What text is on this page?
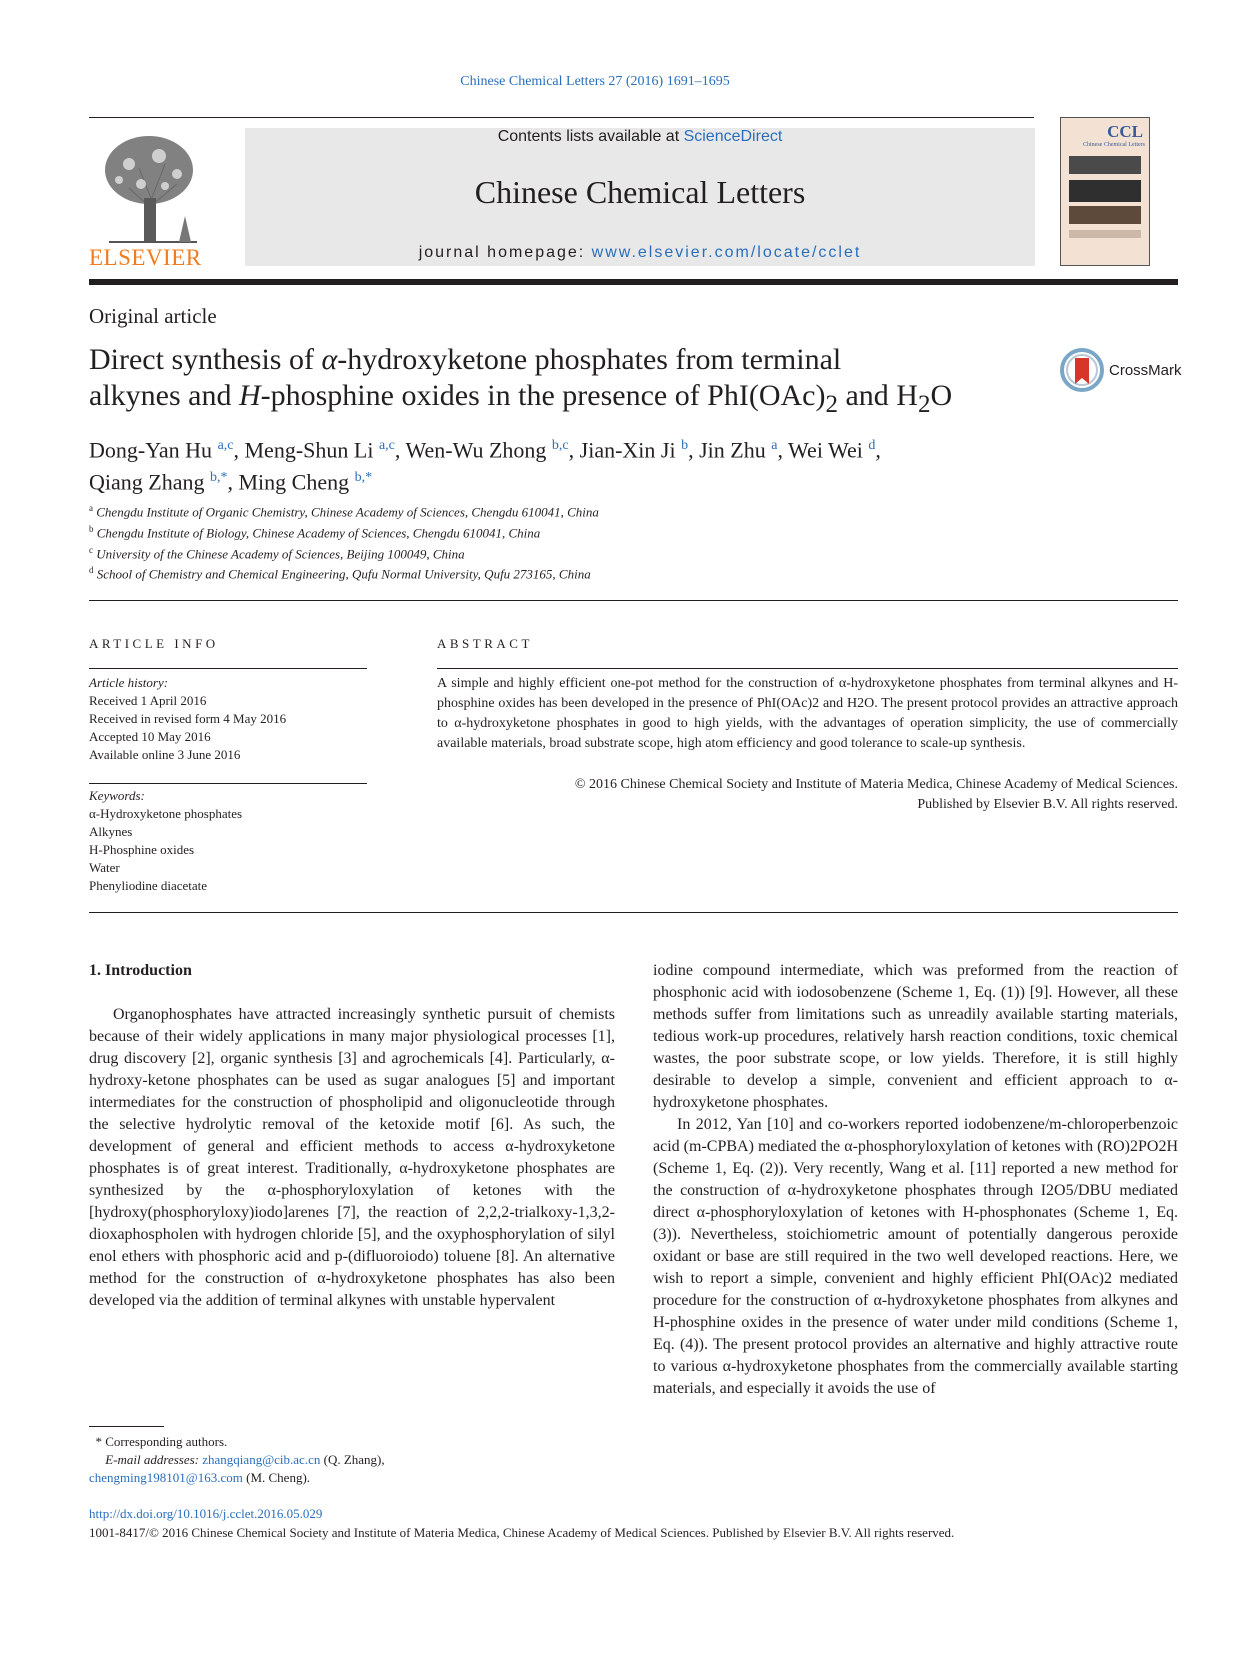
Chinese Chemical Letters 27 (2016) 1691–1695
ELSEVIER
Contents lists available at ScienceDirect
Chinese Chemical Letters
journal homepage: www.elsevier.com/locate/cclet
CCL
Chinese Chemical Letters
Original article
Direct synthesis of α-hydroxyketone phosphates from terminal
alkynes and H-phosphine oxides in the presence of $PhI(OAc)_2$ and $H_2O$
CrossMark
Dong-Yan Hu $^{a,c}$, Meng-Shun Li $^{a,c}$, Wen-Wu Zhong $^{b,c}$, Jian-Xin Ji $^b$, Jin Zhu $^a$, Wei Wei $^d$,
Qiang Zhang $^{b,*}$, Ming Cheng $^{b,*}$
$^a$ Chengdu Institute of Organic Chemistry, Chinese Academy of Sciences, Chengdu 610041, China
$^b$ Chengdu Institute of Biology, Chinese Academy of Sciences, Chengdu 610041, China
$^c$ University of the Chinese Academy of Sciences, Beijing 100049, China
$^d$ School of Chemistry and Chemical Engineering, Qufu Normal University, Qufu 273165, China
ARTICLE INFO	ABSTRACT
Article history:
Received 1 April 2016
Received in revised form 4 May 2016
Accepted 10 May 2016
Available online 3 June 2016
Keywords:
α-Hydroxyketone phosphates
Alkynes
H-Phosphine oxides
Water
Phenyliodine diacetate
A simple and highly efficient one-pot method for the construction of α-hydroxyketone phosphates from terminal alkynes and H-phosphine oxides has been developed in the presence of PhI(OAc)2 and H2O. The present protocol provides an attractive approach to α-hydroxyketone phosphates in good to high yields, with the advantages of operation simplicity, the use of commercially available materials, broad substrate scope, high atom efficiency and good tolerance to scale-up synthesis.
© 2016 Chinese Chemical Society and Institute of Materia Medica, Chinese Academy of Medical Sciences.
Published by Elsevier B.V. All rights reserved.
1. Introduction

Organophosphates have attracted increasingly synthetic pursuit of chemists because of their widely applications in many major physiological processes [1], drug discovery [2], organic synthesis [3] and agrochemicals [4]. Particularly, α-hydroxy-ketone phosphates can be used as sugar analogues [5] and important intermediates for the construction of phospholipid and oligonucleotide through the selective hydrolytic removal of the ketoxide motif [6]. As such, the development of general and efficient methods to access α-hydroxyketone phosphates is of great interest. Traditionally, α-hydroxyketone phosphates are synthesized by the α-phosphoryloxylation of ketones with the [hydroxy(phosphoryloxy)iodo]arenes [7], the reaction of 2,2,2-trialkoxy-1,3,2-dioxaphospholen with hydrogen chloride [5], and the oxyphosphorylation of silyl enol ethers with phosphoric acid and p-(difluoroiodo) toluene [8]. An alternative method for the construction of α-hydroxyketone phosphates has also been developed via the addition of terminal alkynes with unstable hypervalent

iodine compound intermediate, which was preformed from the reaction of phosphonic acid with iodosobenzene (Scheme 1, Eq. (1)) [9]. However, all these methods suffer from limitations such as unreadily available starting materials, tedious work-up procedures, relatively harsh reaction conditions, toxic chemical wastes, the poor substrate scope, or low yields. Therefore, it is still highly desirable to develop a simple, convenient and efficient approach to α-hydroxyketone phosphates.

In 2012, Yan [10] and co-workers reported iodobenzene/m-chloroperbenzoic acid (m-CPBA) mediated the α-phosphoryloxylation of ketones with (RO)2PO2H (Scheme 1, Eq. (2)). Very recently, Wang et al. [11] reported a new method for the construction of α-hydroxyketone phosphates through I2O5/DBU mediated direct α-phosphoryloxylation of ketones with H-phosphonates (Scheme 1, Eq. (3)). Nevertheless, stoichiometric amount of potentially dangerous peroxide oxidant or base are still required in the two well developed reactions. Here, we wish to report a simple, convenient and highly efficient PhI(OAc)2 mediated procedure for the construction of α-hydroxyketone phosphates from alkynes and H-phosphine oxides in the presence of water under mild conditions (Scheme 1, Eq. (4)). The present protocol provides an alternative and highly attractive route to various α-hydroxyketone phosphates from the commercially available starting materials, and especially it avoids the use of

* Corresponding authors.
E-mail addresses: zhangqiang@cib.ac.cn (Q. Zhang),
chengming198101@163.com (M. Cheng).
http://dx.doi.org/10.1016/j.cclet.2016.05.029
1001-8417/© 2016 Chinese Chemical Society and Institute of Materia Medica, Chinese Academy of Medical Sciences. Published by Elsevier B.V. All rights reserved.
